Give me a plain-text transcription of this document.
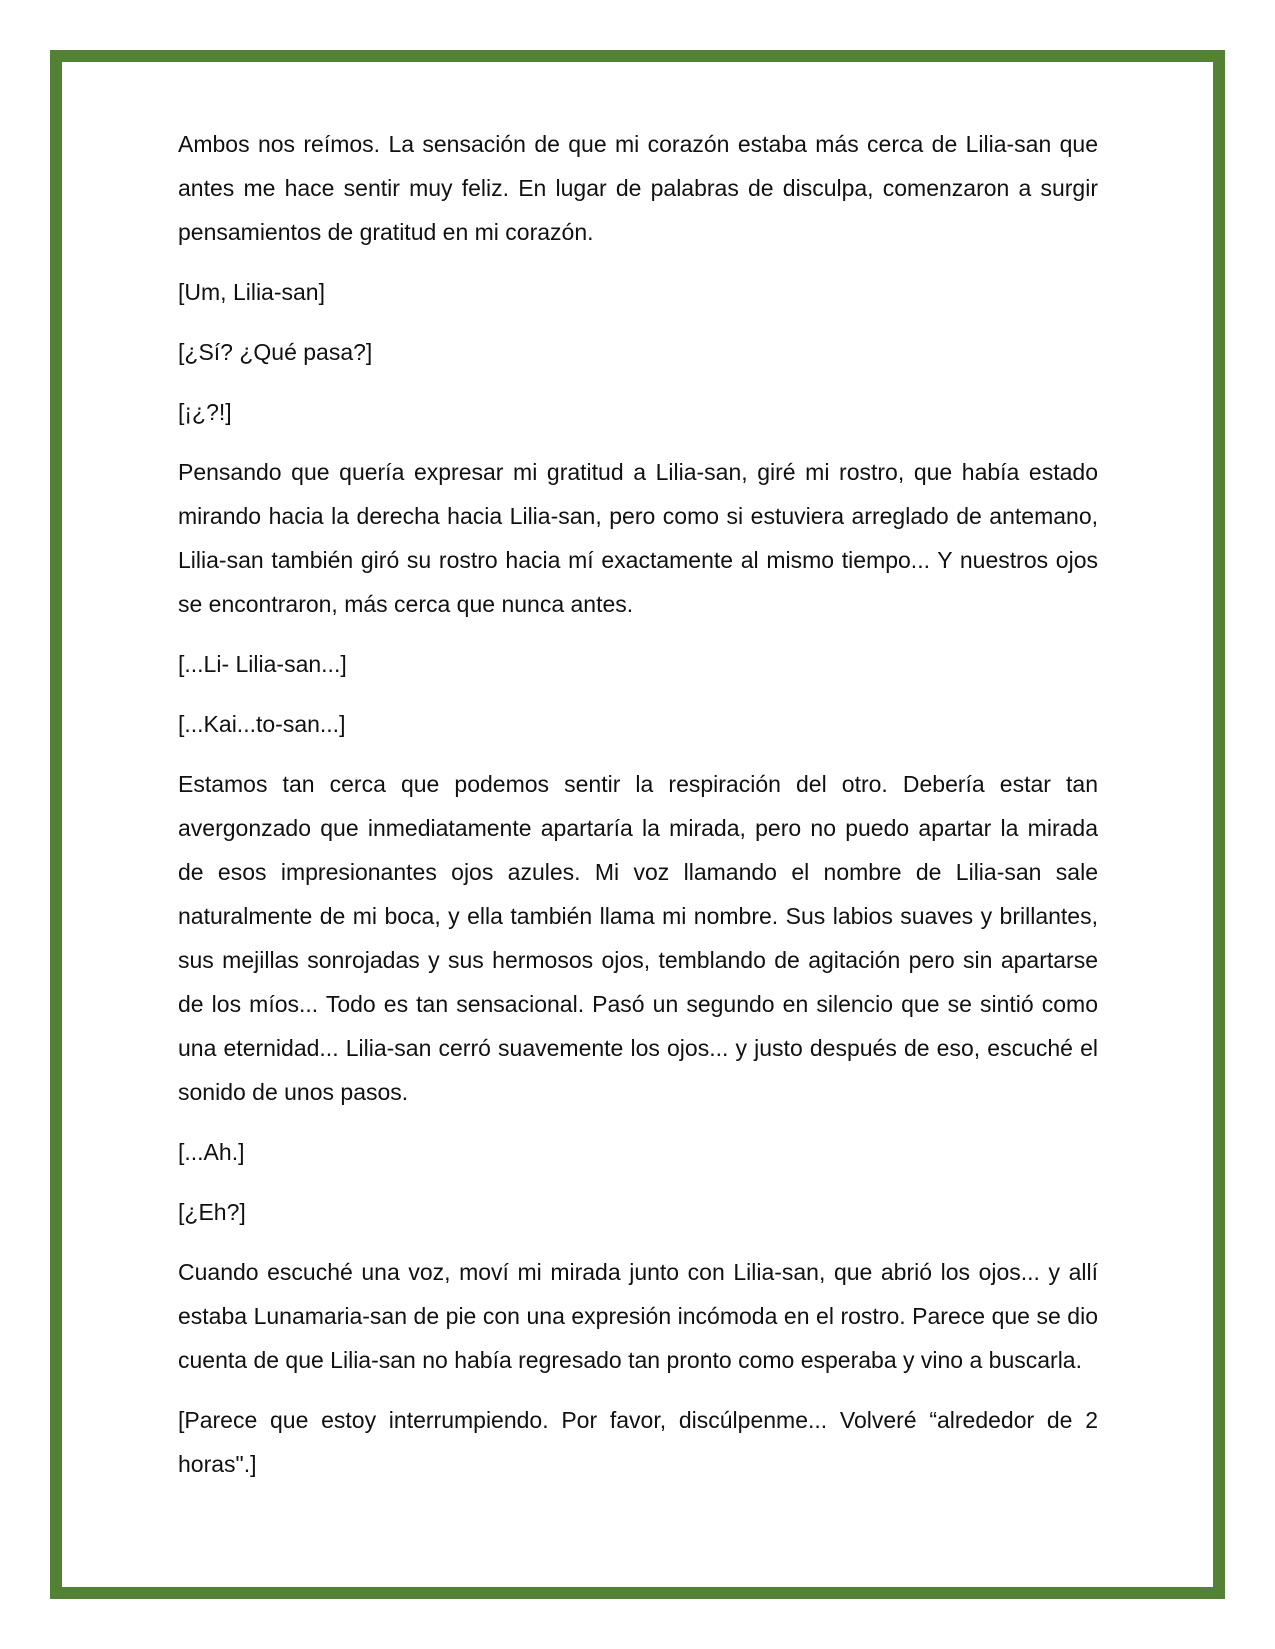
Ambos nos reímos. La sensación de que mi corazón estaba más cerca de Lilia-san que antes me hace sentir muy feliz. En lugar de palabras de disculpa, comenzaron a surgir pensamientos de gratitud en mi corazón.

[Um, Lilia-san]

[¿Sí? ¿Qué pasa?]

[¡¿?!]

Pensando que quería expresar mi gratitud a Lilia-san, giré mi rostro, que había estado mirando hacia la derecha hacia Lilia-san, pero como si estuviera arreglado de antemano, Lilia-san también giró su rostro hacia mí exactamente al mismo tiempo... Y nuestros ojos se encontraron, más cerca que nunca antes.

[...Li- Lilia-san...]

[...Kai...to-san...]

Estamos tan cerca que podemos sentir la respiración del otro. Debería estar tan avergonzado que inmediatamente apartaría la mirada, pero no puedo apartar la mirada de esos impresionantes ojos azules. Mi voz llamando el nombre de Lilia-san sale naturalmente de mi boca, y ella también llama mi nombre. Sus labios suaves y brillantes, sus mejillas sonrojadas y sus hermosos ojos, temblando de agitación pero sin apartarse de los míos... Todo es tan sensacional. Pasó un segundo en silencio que se sintió como una eternidad... Lilia-san cerró suavemente los ojos... y justo después de eso, escuché el sonido de unos pasos.

[...Ah.]

[¿Eh?]

Cuando escuché una voz, moví mi mirada junto con Lilia-san, que abrió los ojos... y allí estaba Lunamaria-san de pie con una expresión incómoda en el rostro. Parece que se dio cuenta de que Lilia-san no había regresado tan pronto como esperaba y vino a buscarla.

[Parece que estoy interrumpiendo. Por favor, discúlpenme... Volveré “alrededor de 2 horas".]
